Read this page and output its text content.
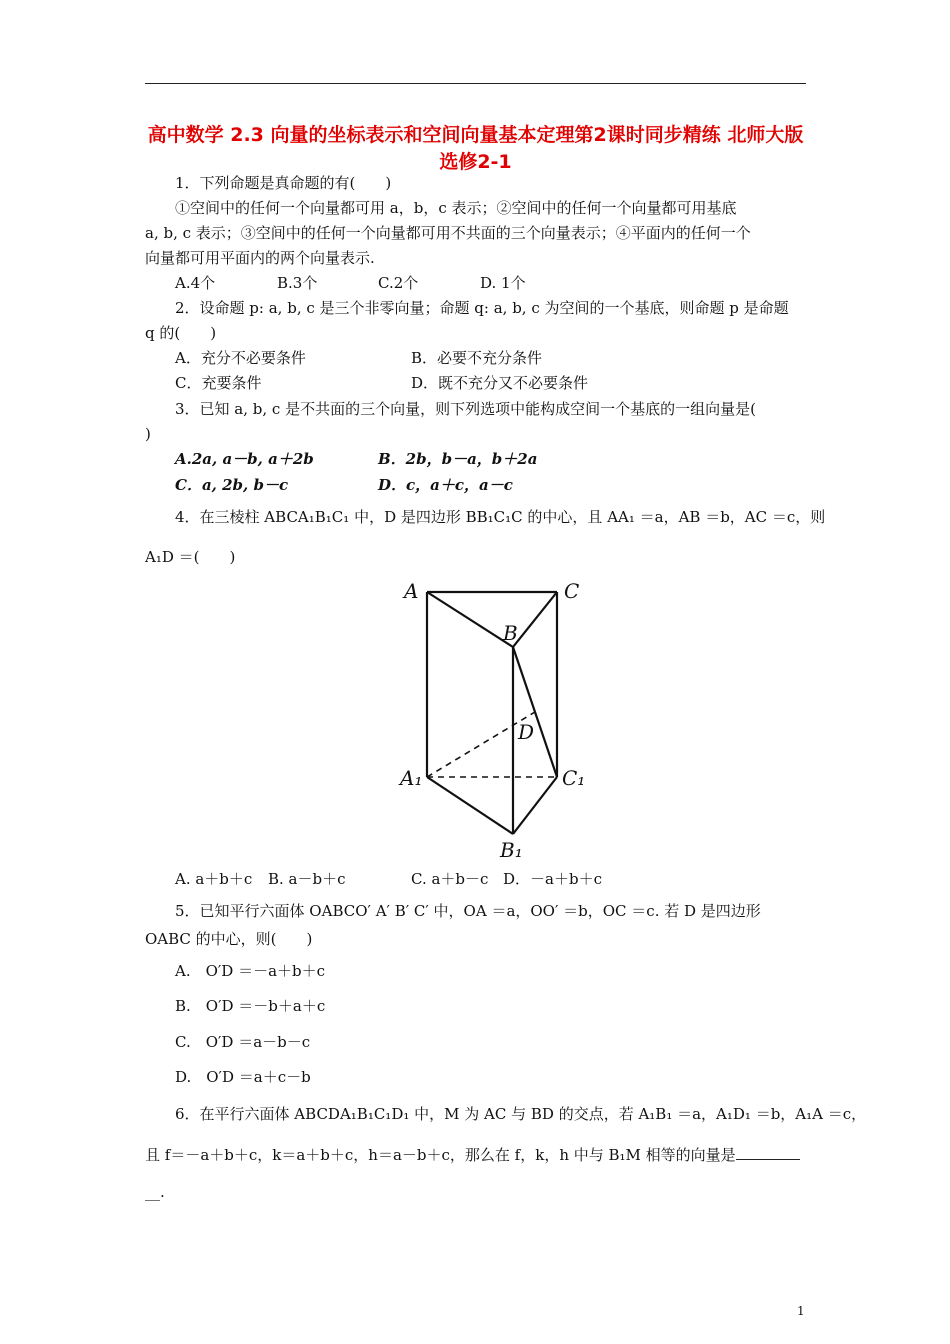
高中数学 2.3 向量的坐标表示和空间向量基本定理第2课时同步精练 北师大版选修2-1
1．下列命题是真命题的有(　　)
①空间中的任何一个向量都可用 a，b，c 表示；②空间中的任何一个向量都可用基底
a, b, c 表示；③空间中的任何一个向量都可用不共面的三个向量表示；④平面内的任何一个
向量都可用平面内的两个向量表示.
A.4个	B.3个	C.2个	D. 1个
2．设命题 p: a, b, c 是三个非零向量；命题 q: a, b, c 为空间的一个基底，则命题 p 是命题
q 的(　　)
A．充分不必要条件	B．必要不充分条件
C．充要条件	D．既不充分又不必要条件
3．已知 a, b, c 是不共面的三个向量，则下列选项中能构成空间一个基底的一组向量是(
)
A.2a, a－b, a＋2b	B．2b，b－a，b＋2a
C．a, 2b, b－c	D．c，a＋c，a－c
4．在三棱柱 ABCA₁B₁C₁ 中，D 是四边形 BB₁C₁C 的中心，且 AA₁ ＝a，AB ＝b，AC ＝c，则
A₁D ＝(　　)
A	C
B
D
A₁	C₁
B₁
A. a＋b＋c B. a－b＋c	C. a＋b－c D．－a＋b＋c
5．已知平行六面体 OABCO′ A′ B′ C′ 中，OA ＝a，OO′ ＝b，OC ＝c. 若 D 是四边形
OABC 的中心，则(　　)
A.　O′D ＝－a＋b＋c
B.　O′D ＝－b＋a＋c
C.　O′D ＝a－b－c
D.　O′D ＝a＋c－b
6．在平行六面体 ABCDA₁B₁C₁D₁ 中，M 为 AC 与 BD 的交点，若 A₁B₁ ＝a，A₁D₁ ＝b，A₁A ＝c，
且 f＝－a＋b＋c，k＝a＋b＋c，h＝a－b＋c，那么在 f，k，h 中与 B₁M 相等的向量是
__.
1
